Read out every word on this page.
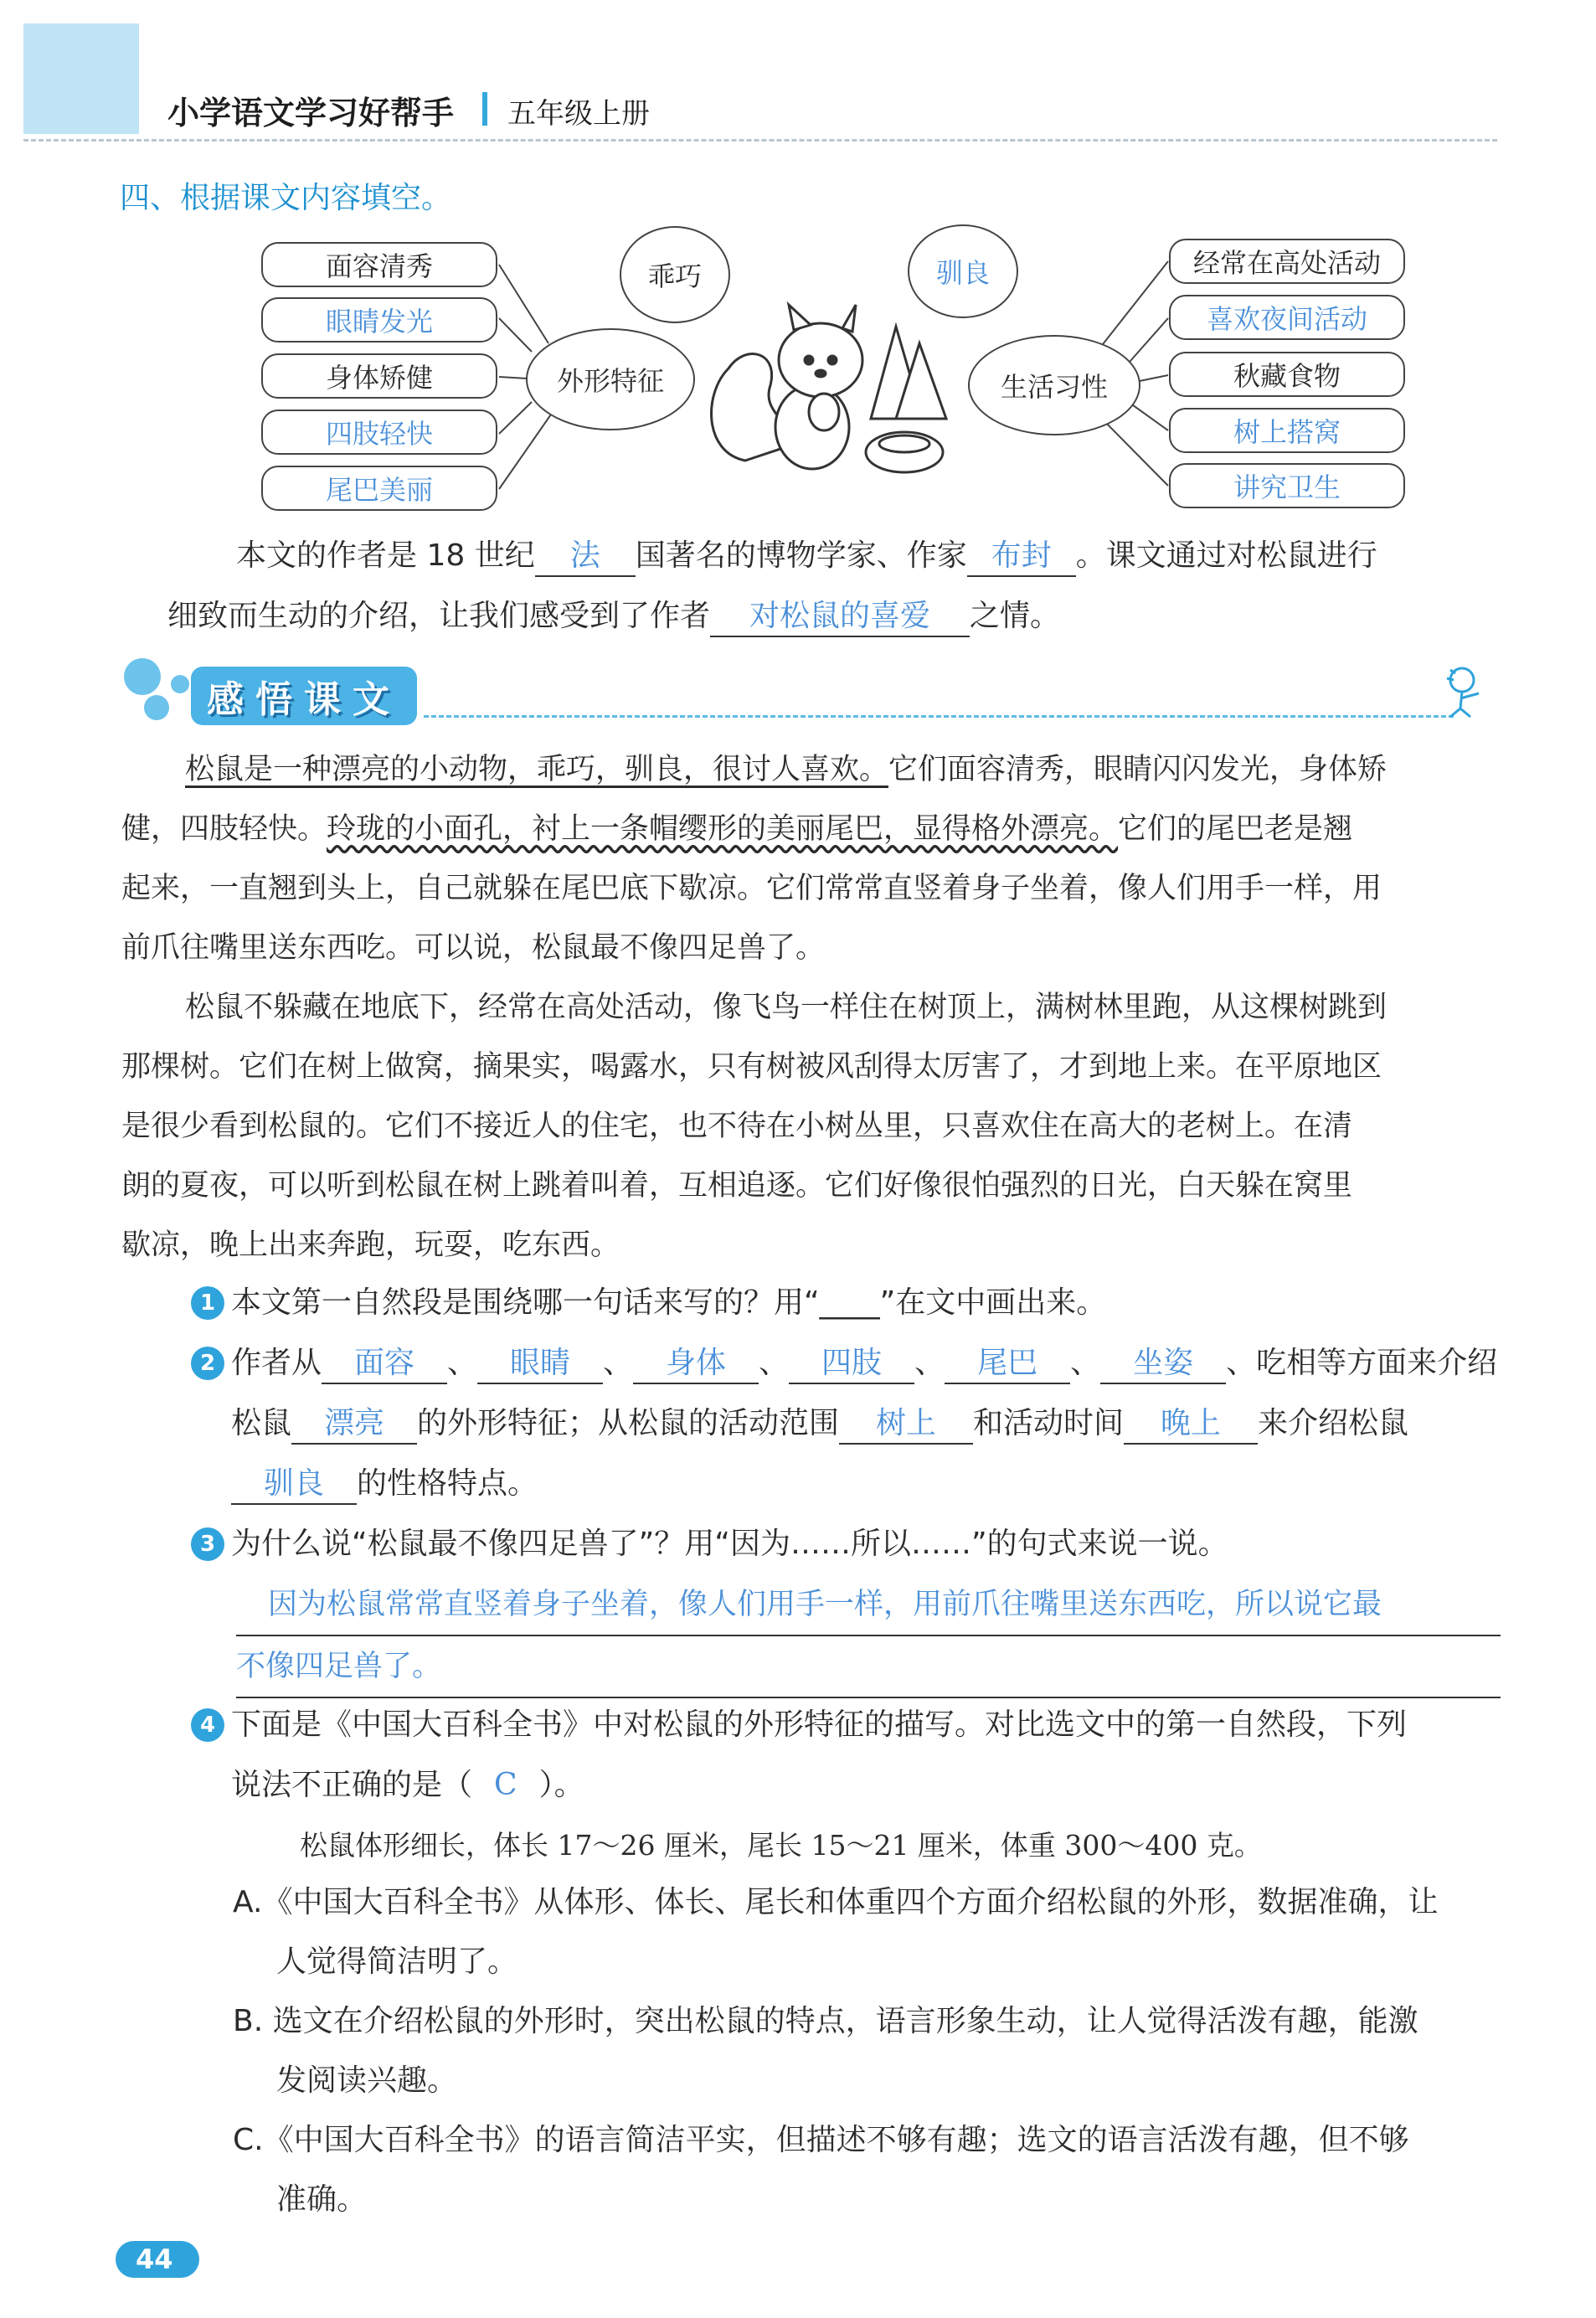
小学语文学习好帮手 五年级上册
四、根据课文内容填空。
面容清秀
眼睛发光
身体矫健
四肢轻快
尾巴美丽
外形特征
乖巧	驯良
生活习性
经常在高处活动
喜欢夜间活动
秋藏食物
树上搭窝
讲究卫生
本文的作者是 18 世纪 法 国著名的博物学家、作家 布封 。课文通过对松鼠进行
细致而生动的介绍，让我们感受到了作者 对松鼠的喜爱 之情。
感悟课文
松鼠是一种漂亮的小动物，乖巧，驯良，很讨人喜欢。它们面容清秀，眼睛闪闪发光，身体矫
健，四肢轻快。玲珑的小面孔，衬上一条帽缨形的美丽尾巴，显得格外漂亮。它们的尾巴老是翘
起来，一直翘到头上，自己就躲在尾巴底下歇凉。它们常常直竖着身子坐着，像人们用手一样，用
前爪往嘴里送东西吃。可以说，松鼠最不像四足兽了。
松鼠不躲藏在地底下，经常在高处活动，像飞鸟一样住在树顶上，满树林里跑，从这棵树跳到
那棵树。它们在树上做窝，摘果实，喝露水，只有树被风刮得太厉害了，才到地上来。在平原地区
是很少看到松鼠的。它们不接近人的住宅，也不待在小树丛里，只喜欢住在高大的老树上。在清
朗的夏夜，可以听到松鼠在树上跳着叫着，互相追逐。它们好像很怕强烈的日光，白天躲在窝里
歇凉，晚上出来奔跑，玩耍，吃东西。
1 本文第一自然段是围绕哪一句话来写的？用“____”在文中画出来。
2 作者从 面容 、 眼睛 、 身体 、 四肢 、 尾巴 、 坐姿 、吃相等方面来介绍
松鼠 漂亮 的外形特征；从松鼠的活动范围 树上 和活动时间 晚上 来介绍松鼠
驯良 的性格特点。
3 为什么说“松鼠最不像四足兽了”？用“因为……所以……”的句式来说一说。
因为松鼠常常直竖着身子坐着，像人们用手一样，用前爪往嘴里送东西吃，所以说它最
不像四足兽了。
4 下面是《中国大百科全书》中对松鼠的外形特征的描写。对比选文中的第一自然段，下列
说法不正确的是（ C ）。
松鼠体形细长，体长 17～26 厘米，尾长 15～21 厘米，体重 300～400 克。
A.《中国大百科全书》从体形、体长、尾长和体重四个方面介绍松鼠的外形，数据准确，让
人觉得简洁明了。
B. 选文在介绍松鼠的外形时，突出松鼠的特点，语言形象生动，让人觉得活泼有趣，能激
发阅读兴趣。
C.《中国大百科全书》的语言简洁平实，但描述不够有趣；选文的语言活泼有趣，但不够
准确。
44
